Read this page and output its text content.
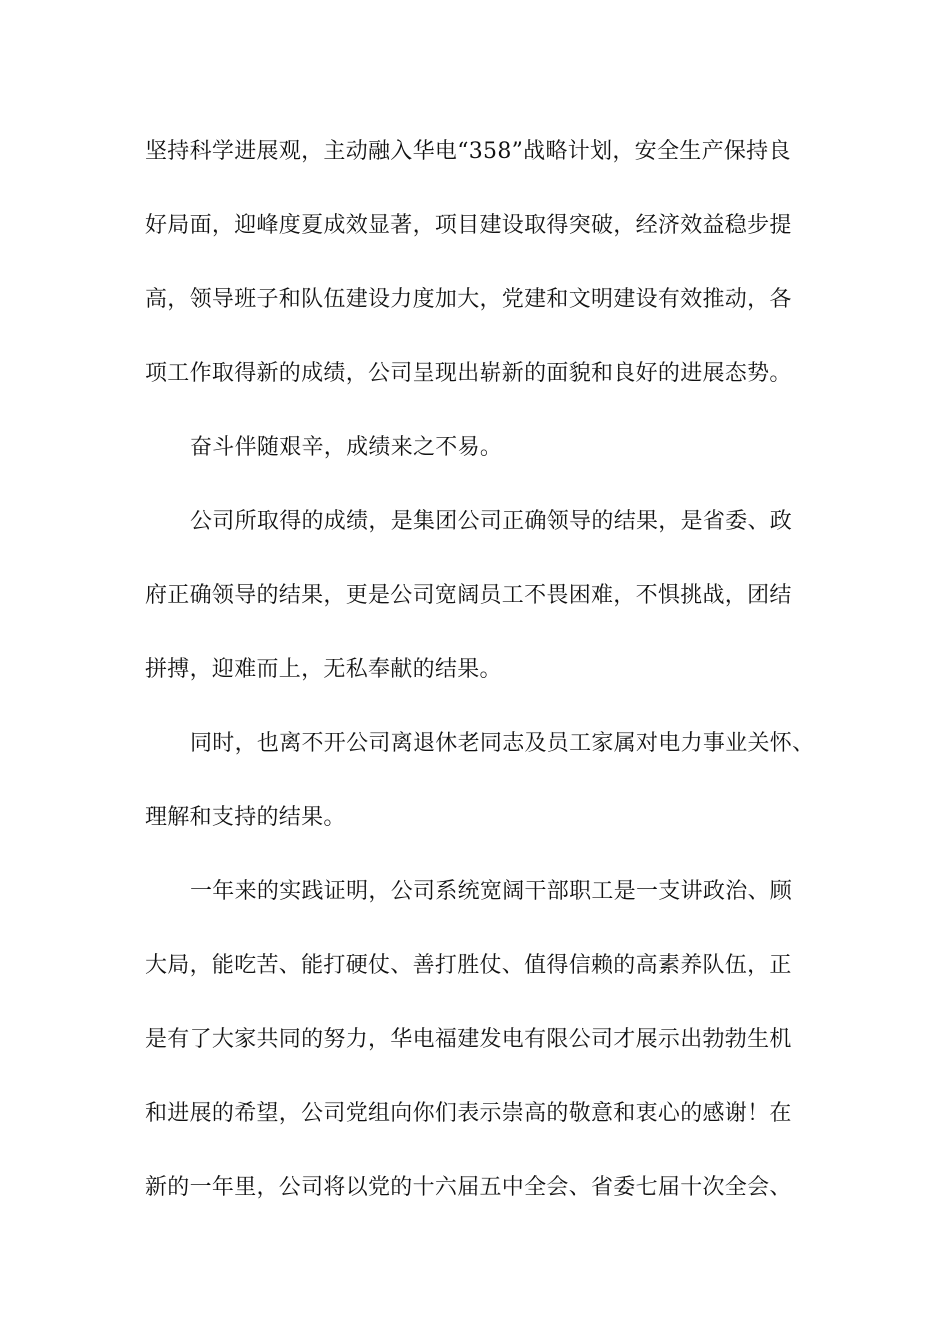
坚持科学进展观，主动融入华电“358”战略计划，安全生产保持良
好局面，迎峰度夏成效显著，项目建设取得突破，经济效益稳步提
高，领导班子和队伍建设力度加大，党建和文明建设有效推动，各
项工作取得新的成绩，公司呈现出崭新的面貌和良好的进展态势。
奋斗伴随艰辛，成绩来之不易。
公司所取得的成绩，是集团公司正确领导的结果，是省委、政
府正确领导的结果，更是公司宽阔员工不畏困难，不惧挑战，团结
拼搏，迎难而上，无私奉献的结果。
同时，也离不开公司离退休老同志及员工家属对电力事业关怀、
理解和支持的结果。
一年来的实践证明，公司系统宽阔干部职工是一支讲政治、顾
大局，能吃苦、能打硬仗、善打胜仗、值得信赖的高素养队伍，正
是有了大家共同的努力，华电福建发电有限公司才展示出勃勃生机
和进展的希望，公司党组向你们表示崇高的敬意和衷心的感谢！在
新的一年里，公司将以党的十六届五中全会、省委七届十次全会、
